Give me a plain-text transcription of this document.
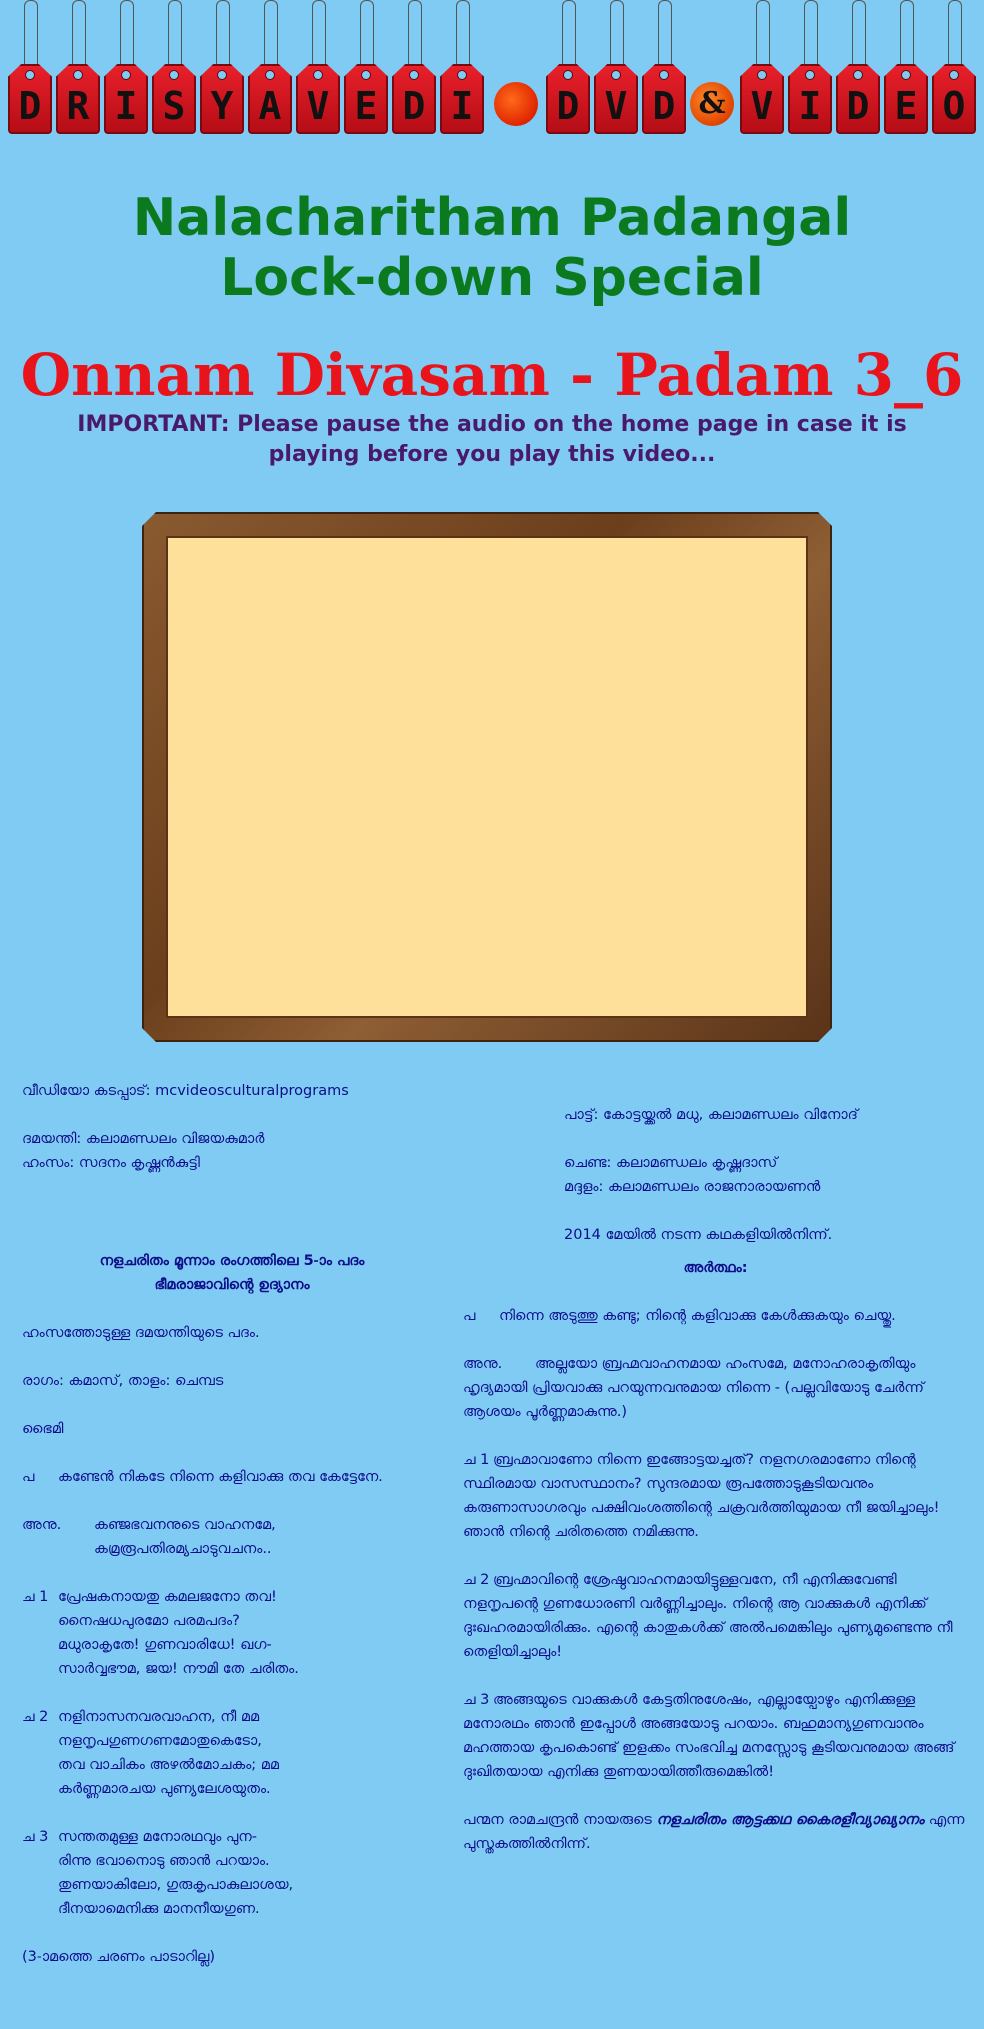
D R I S Y A V E D I D V D & V I D E O
Nalacharitham Padangal
Lock-down Special
Onnam Divasam - Padam 3_6
IMPORTANT: Please pause the audio on the home page in case it is playing before you play this video...

വീഡിയോ കടപ്പാട്: mcvideosculturalprograms

ദമയന്തി: കലാമണ്ഡലം വിജയകുമാർ

ഹംസം: സദനം കൃഷ്ണൻകുട്ടി

പാട്ട്: കോട്ടയ്ക്കൽ മധു, കലാമണ്ഡലം വിനോദ്

ചെണ്ട: കലാമണ്ഡലം കൃഷ്ണദാസ്

മദ്ദളം: കലാമണ്ഡലം രാജനാരായണൻ

2014 മേയിൽ നടന്ന കഥകളിയിൽനിന്ന്.

നളചരിതം മൂന്നാം രംഗത്തിലെ 5-ാം പദം

ഭീമരാജാവിന്റെ ഉദ്യാനം

ഹംസത്തോടുള്ള ദമയന്തിയുടെ പദം.

രാഗം: കമാസ്, താളം: ചെമ്പട

ഭൈമി

പ	കണ്ടേൻ നികടേ നിന്നെ കളിവാക്കു തവ കേട്ടേനേ.
അനു.	കഞ്ജഭവനനുടെ വാഹനമേ,

കമ്രരൂപതിരമ്യചാടുവചനം..

ച 1 പ്രേഷകനായതു കമലജനോ തവ!

നൈഷധപുരമോ പരമപദം?

മധുരാകൃതേ! ഗുണവാരിധേ! ഖഗ-

സാർവ്വഭൗമ, ജയ! നൗമി തേ ചരിതം.

ച 2 നളിനാസനവരവാഹന, നീ മമ

നളനൃപഗുണഗണമോതുകെടോ,

തവ വാചികം അഴൽമോചകം; മമ

കർണ്ണമാരചയ പുണ്യലേശയുതം.

ച 3 സന്തതമുള്ള മനോരഥവും പുന-

രിന്നു ഭവാനൊടു ഞാൻ പറയാം.

തുണയാകിലോ, ഗുരുകൃപാകുലാശയ,

ദീനയാമെനിക്കു മാനനീയഗുണ.

(3-ാമത്തെ ചരണം പാടാറില്ല)

അർത്ഥം:

പ	നിന്നെ അടുത്തു കണ്ടു; നിന്റെ കളിവാക്കു കേൾക്കുകയും ചെയ്തു.

അനു. അല്ലയോ ബ്രഹ്മവാഹനമായ ഹംസമേ, മനോഹരാകൃതിയും ഹൃദ്യമായി പ്രിയവാക്കു പറയുന്നവനുമായ നിന്നെ - (പല്ലവിയോടു ചേർന്ന് ആശയം പൂർണ്ണമാകുന്നു.)

ച 1 ബ്രഹ്മാവാണോ നിന്നെ ഇങ്ങോട്ടയച്ചത്? നളനഗരമാണോ നിന്റെ സ്ഥിരമായ വാസസ്ഥാനം? സുന്ദരമായ രൂപത്തോടുകൂടിയവനും കരുണാസാഗരവും പക്ഷിവംശത്തിന്റെ ചക്രവർത്തിയുമായ നീ ജയിച്ചാലും! ഞാൻ നിന്റെ ചരിതത്തെ നമിക്കുന്നു.

ച 2 ബ്രഹ്മാവിന്റെ ശ്രേഷ്ഠവാഹനമായിട്ടുള്ളവനേ, നീ എനിക്കുവേണ്ടി നളനൃപന്റെ ഗുണധോരണി വർണ്ണിച്ചാലും. നിന്റെ ആ വാക്കുകൾ എനിക്ക് ദുഃഖഹരമായിരിക്കും. എന്റെ കാതുകൾക്ക് അൽപമെങ്കിലും പുണ്യമുണ്ടെന്നു നീ തെളിയിച്ചാലും!

ച 3 അങ്ങയുടെ വാക്കുകൾ കേട്ടതിനുശേഷം, എല്ലായ്പോഴും എനിക്കുള്ള മനോരഥം ഞാൻ ഇപ്പോൾ അങ്ങയോടു പറയാം. ബഹുമാന്യഗുണവാനും മഹത്തായ കൃപകൊണ്ട് ഇളക്കം സംഭവിച്ച മനസ്സോടു കൂടിയവനുമായ അങ്ങ് ദുഃഖിതയായ എനിക്കു തുണയായിത്തീരുമെങ്കിൽ!

പന്മന രാമചന്ദ്രൻ നായരുടെ നളചരിതം ആട്ടക്കഥ കൈരളീവ്യാഖ്യാനം എന്ന പുസ്തകത്തിൽനിന്ന്.
